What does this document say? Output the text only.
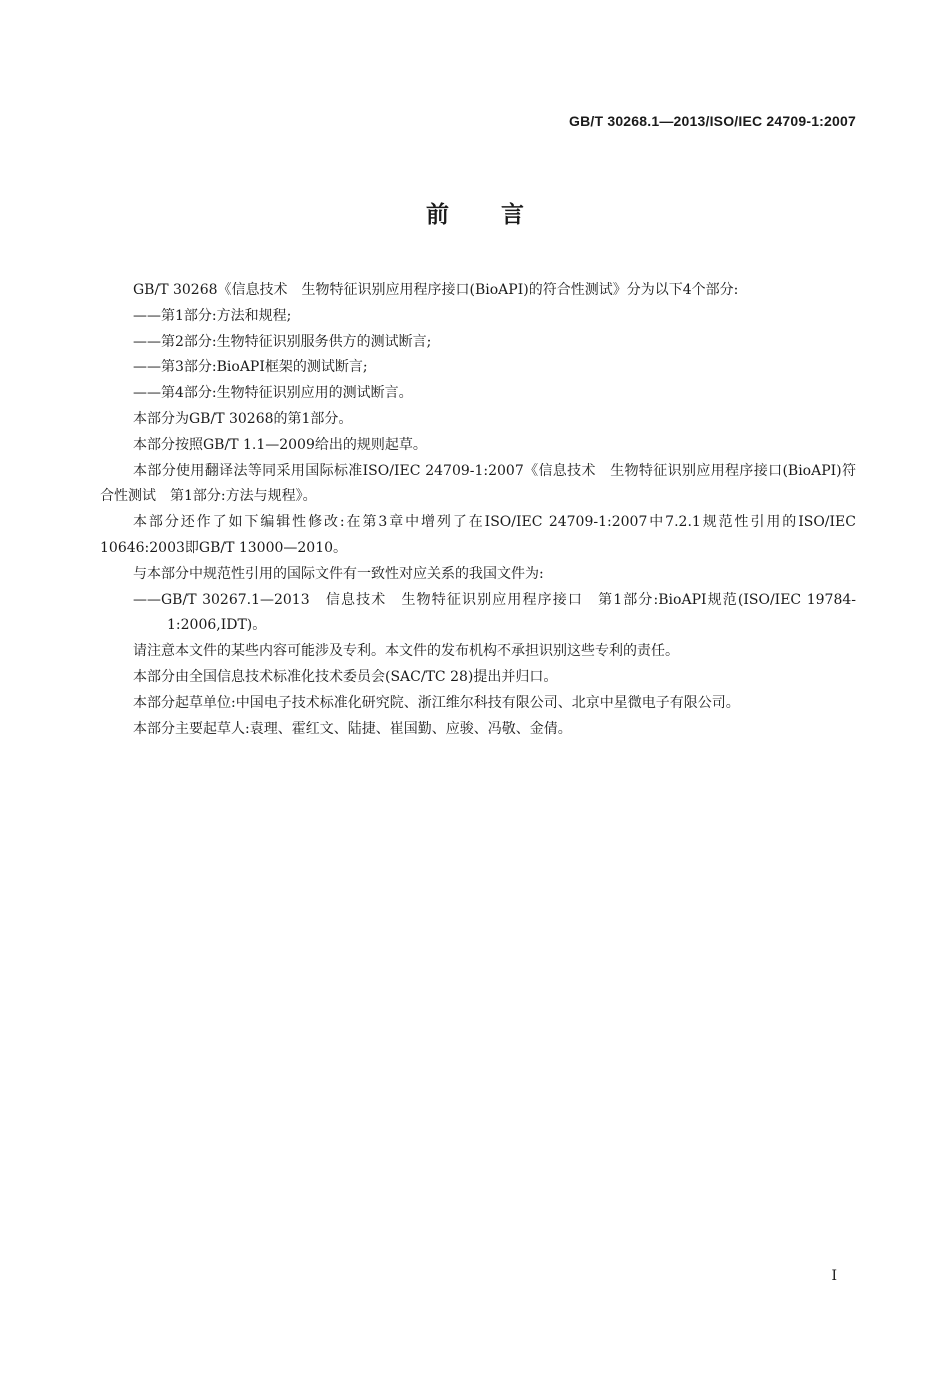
GB/T 30268.1—2013/ISO/IEC 24709-1:2007
前言

GB/T 30268《信息技术　生物特征识别应用程序接口(BioAPI)的符合性测试》分为以下4个部分:

——第1部分:方法和规程;

——第2部分:生物特征识别服务供方的测试断言;

——第3部分:BioAPI框架的测试断言;

——第4部分:生物特征识别应用的测试断言。

本部分为GB/T 30268的第1部分。

本部分按照GB/T 1.1—2009给出的规则起草。

本部分使用翻译法等同采用国际标准ISO/IEC 24709-1:2007《信息技术　生物特征识别应用程序接口(BioAPI)符合性测试　第1部分:方法与规程》。

本部分还作了如下编辑性修改:在第3章中增列了在ISO/IEC 24709-1:2007中7.2.1规范性引用的ISO/IEC 10646:2003即GB/T 13000—2010。

与本部分中规范性引用的国际文件有一致性对应关系的我国文件为:

——GB/T 30267.1—2013　信息技术　生物特征识别应用程序接口　第1部分:BioAPI规范(ISO/IEC 19784-1:2006,IDT)。

请注意本文件的某些内容可能涉及专利。本文件的发布机构不承担识别这些专利的责任。

本部分由全国信息技术标准化技术委员会(SAC/TC 28)提出并归口。

本部分起草单位:中国电子技术标准化研究院、浙江维尔科技有限公司、北京中星微电子有限公司。

本部分主要起草人:袁理、霍红文、陆捷、崔国勤、应骏、冯敬、金倩。

I
